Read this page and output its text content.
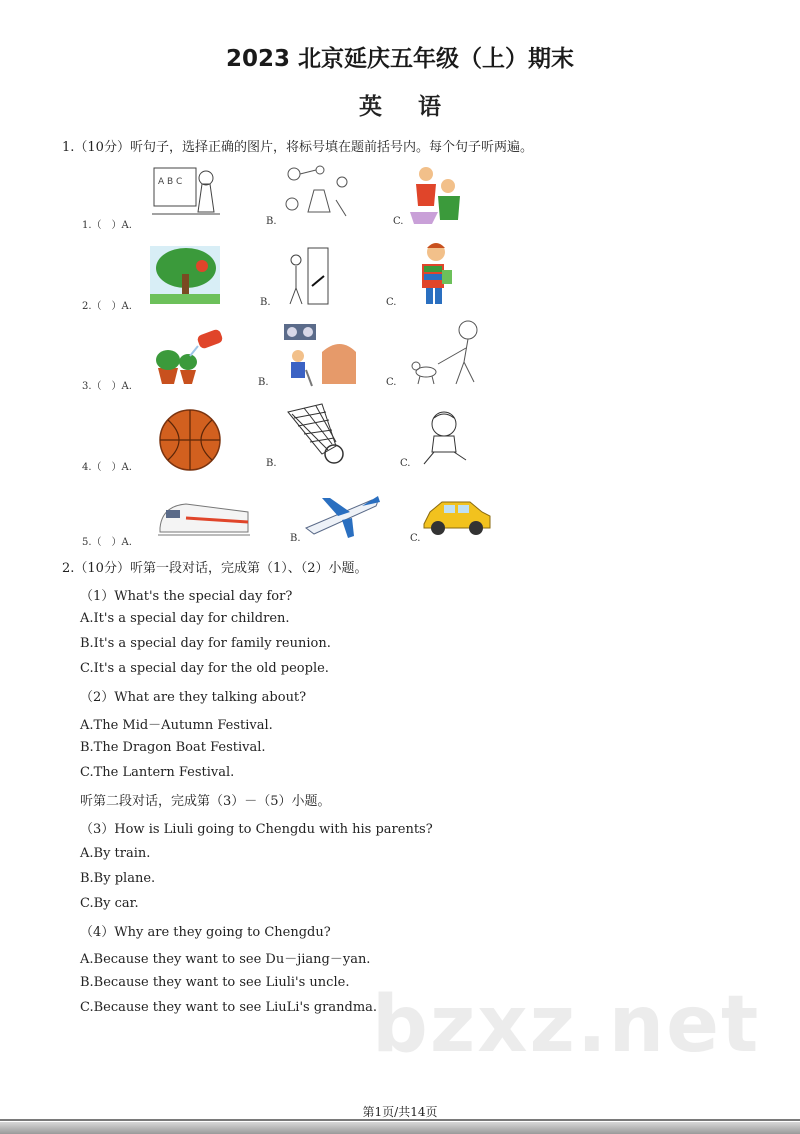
2023 北京延庆五年级（上）期末
英语
1.（10分）听句子，选择正确的图片，将标号填在题前括号内。每个句子听两遍。
1.（　）A.	B.	C.
A B C
2.（　）A.	B.	C.
3.（　）A.	B.	C.
4.（　）A.	B.	C.
5.（　）A.	B.	C.
2.（10分）听第一段对话，完成第（1）、（2）小题。
（1）What's the special day for?
A.It's a special day for children.
B.It's a special day for family reunion.
C.It's a special day for the old people.
（2）What are they talking about?
A.The Mid－Autumn Festival.
B.The Dragon Boat Festival.
C.The Lantern Festival.
听第二段对话，完成第（3）－（5）小题。
（3）How is Liuli going to Chengdu with his parents?
A.By train.
B.By plane.
C.By car.
（4）Why are they going to Chengdu?
A.Because they want to see Du－jiang－yan.
B.Because they want to see Liuli's uncle.
C.Because they want to see LiuLi's grandma.
bzxz.net
第1页/共14页
